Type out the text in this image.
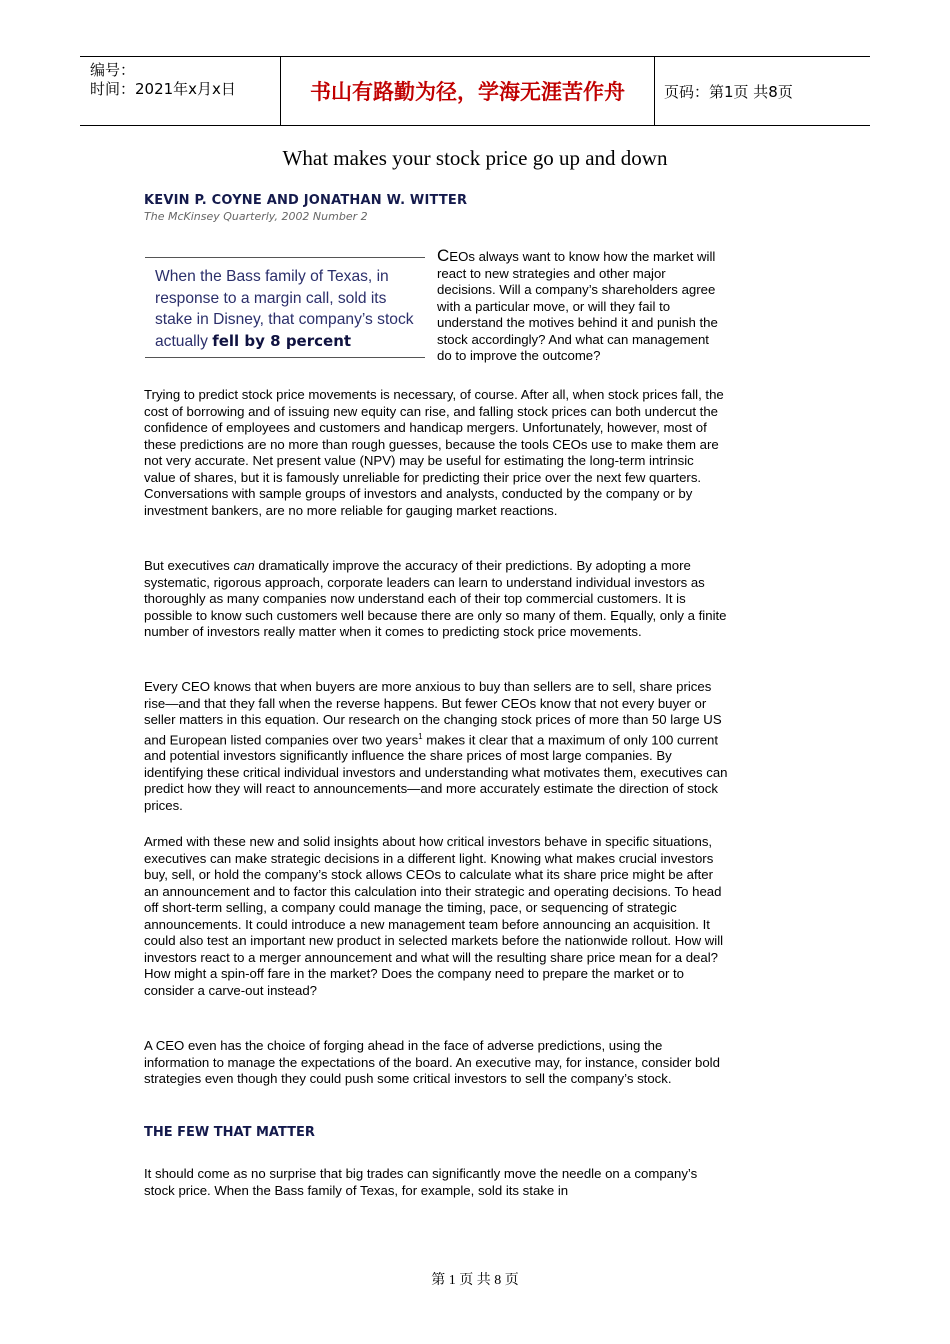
编号：
时间：2021年x月x日	书山有路勤为径，学海无涯苦作舟	页码：第1页 共8页
What makes your stock price go up and down
KEVIN P. COYNE AND JONATHAN W. WITTER
The McKinsey Quarterly, 2002 Number 2
When the Bass family of Texas, in response to a margin call, sold its stake in Disney, that company’s stock actually fell by 8 percent
CEOs always want to know how the market will react to new strategies and other major decisions. Will a company’s shareholders agree with a particular move, or will they fail to understand the motives behind it and punish the stock accordingly? And what can management do to improve the outcome?
Trying to predict stock price movements is necessary, of course. After all, when stock prices fall, the cost of borrowing and of issuing new equity can rise, and falling stock prices can both undercut the confidence of employees and customers and handicap mergers. Unfortunately, however, most of these predictions are no more than rough guesses, because the tools CEOs use to make them are not very accurate. Net present value (NPV) may be useful for estimating the long-term intrinsic value of shares, but it is famously unreliable for predicting their price over the next few quarters. Conversations with sample groups of investors and analysts, conducted by the company or by investment bankers, are no more reliable for gauging market reactions.
But executives can dramatically improve the accuracy of their predictions. By adopting a more systematic, rigorous approach, corporate leaders can learn to understand individual investors as thoroughly as many companies now understand each of their top commercial customers. It is possible to know such customers well because there are only so many of them. Equally, only a finite number of investors really matter when it comes to predicting stock price movements.
Every CEO knows that when buyers are more anxious to buy than sellers are to sell, share prices rise—and that they fall when the reverse happens. But fewer CEOs know that not every buyer or seller matters in this equation. Our research on the changing stock prices of more than 50 large US and European listed companies over two years$^1$ makes it clear that a maximum of only 100 current and potential investors significantly influence the share prices of most large companies. By identifying these critical individual investors and understanding what motivates them, executives can predict how they will react to announcements—and more accurately estimate the direction of stock prices.
Armed with these new and solid insights about how critical investors behave in specific situations, executives can make strategic decisions in a different light. Knowing what makes crucial investors buy, sell, or hold the company’s stock allows CEOs to calculate what its share price might be after an announcement and to factor this calculation into their strategic and operating decisions. To head off short-term selling, a company could manage the timing, pace, or sequencing of strategic announcements. It could introduce a new management team before announcing an acquisition. It could also test an important new product in selected markets before the nationwide rollout. How will investors react to a merger announcement and what will the resulting share price mean for a deal? How might a spin-off fare in the market? Does the company need to prepare the market or to consider a carve-out instead?
A CEO even has the choice of forging ahead in the face of adverse predictions, using the information to manage the expectations of the board. An executive may, for instance, consider bold strategies even though they could push some critical investors to sell the company’s stock.
THE FEW THAT MATTER
It should come as no surprise that big trades can significantly move the needle on a company’s stock price. When the Bass family of Texas, for example, sold its stake in
第 1 页 共 8 页
